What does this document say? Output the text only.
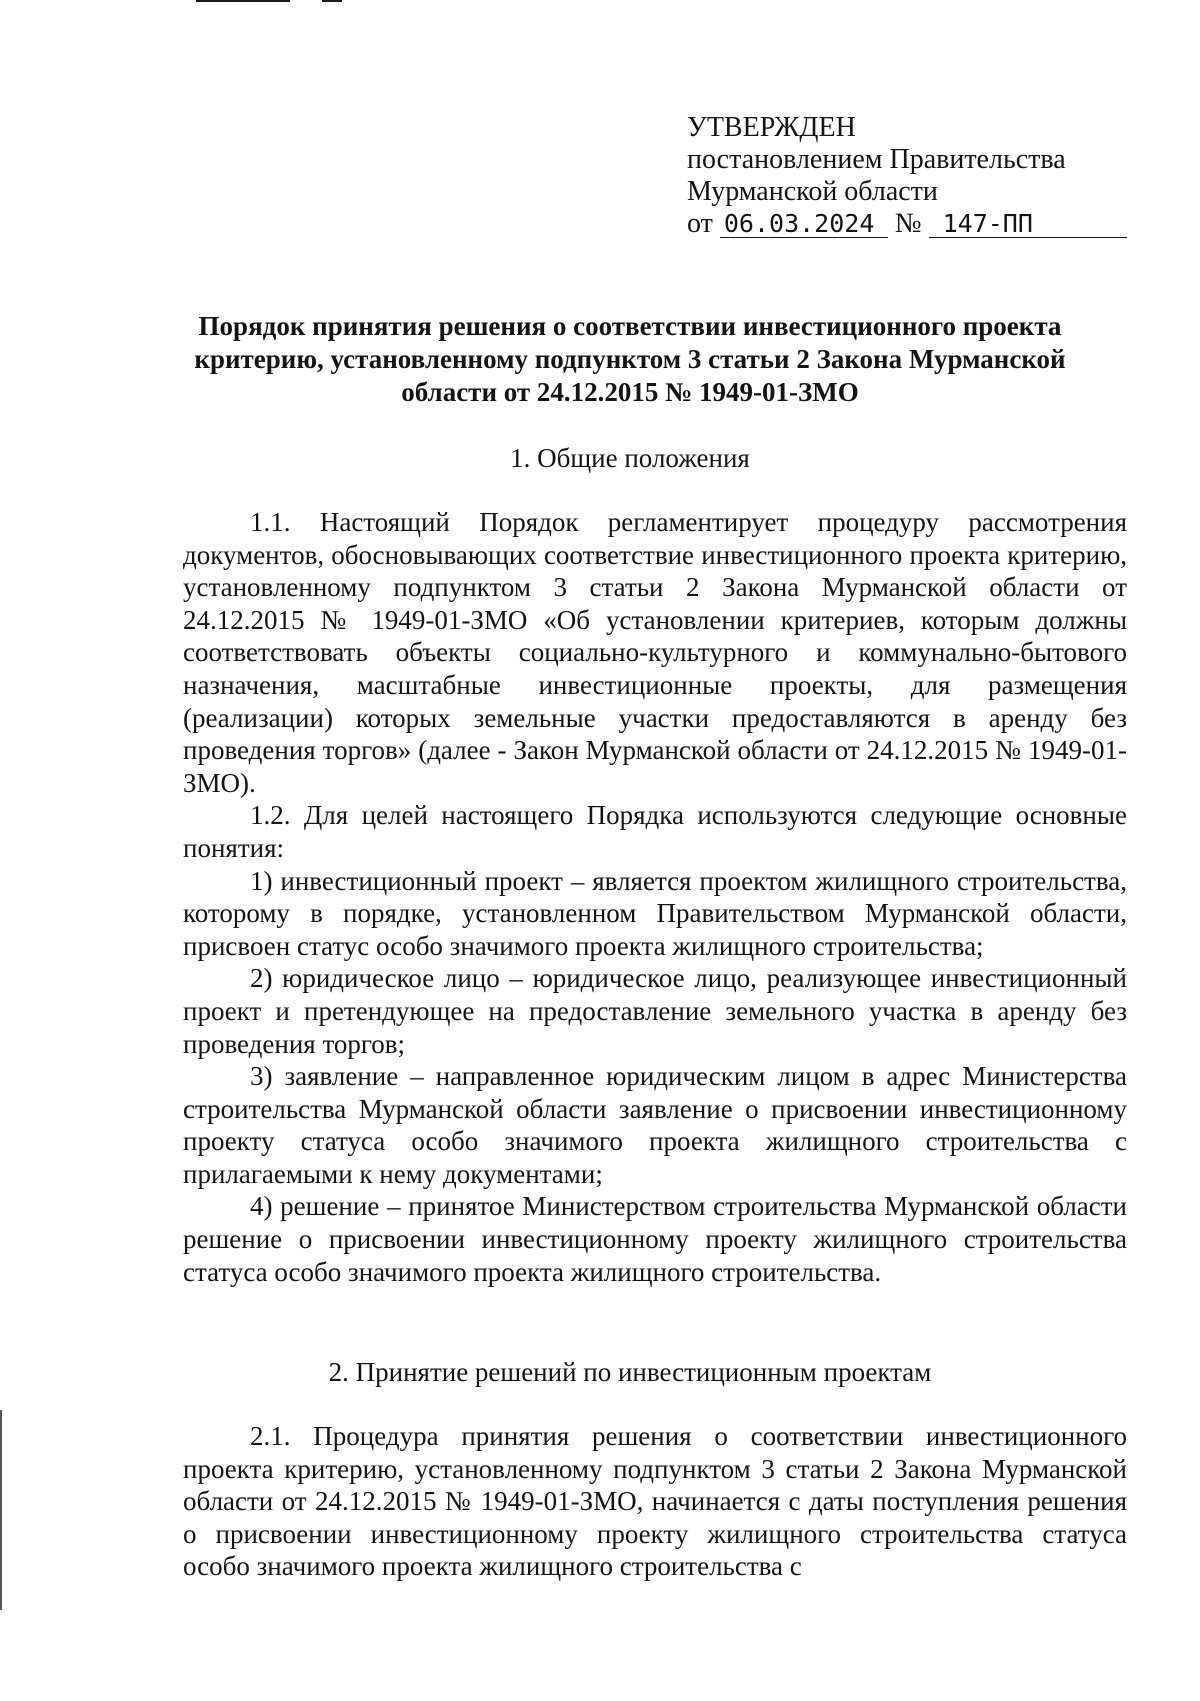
УТВЕРЖДЕН
постановлением Правительства
Мурманской области
от 06.03.2024 № 147-ПП
Порядок принятия решения о соответствии инвестиционного проекта
критерию, установленному подпунктом 3 статьи 2 Закона Мурманской
области от 24.12.2015 № 1949-01-ЗМО
1. Общие положения

1.1. Настоящий Порядок регламентирует процедуру рассмотрения документов, обосновывающих соответствие инвестиционного проекта критерию, установленному подпунктом 3 статьи 2 Закона Мурманской области от 24.12.2015 № 1949-01-ЗМО «Об установлении критериев, которым должны соответствовать объекты социально-культурного и коммунально-бытового назначения, масштабные инвестиционные проекты, для размещения (реализации) которых земельные участки предоставляются в аренду без проведения торгов» (далее - Закон Мурманской области от 24.12.2015 № 1949-01-ЗМО).

1.2. Для целей настоящего Порядка используются следующие основные понятия:

1) инвестиционный проект – является проектом жилищного строительства, которому в порядке, установленном Правительством Мурманской области, присвоен статус особо значимого проекта жилищного строительства;

2) юридическое лицо – юридическое лицо, реализующее инвестиционный проект и претендующее на предоставление земельного участка в аренду без проведения торгов;

3) заявление – направленное юридическим лицом в адрес Министерства строительства Мурманской области заявление о присвоении инвестиционному проекту статуса особо значимого проекта жилищного строительства с прилагаемыми к нему документами;

4) решение – принятое Министерством строительства Мурманской области решение о присвоении инвестиционному проекту жилищного строительства статуса особо значимого проекта жилищного строительства.

2. Принятие решений по инвестиционным проектам

2.1. Процедура принятия решения о соответствии инвестиционного проекта критерию, установленному подпунктом 3 статьи 2 Закона Мурманской области от 24.12.2015 № 1949-01-ЗМО, начинается с даты поступления решения о присвоении инвестиционному проекту жилищного строительства статуса особо значимого проекта жилищного строительства с
